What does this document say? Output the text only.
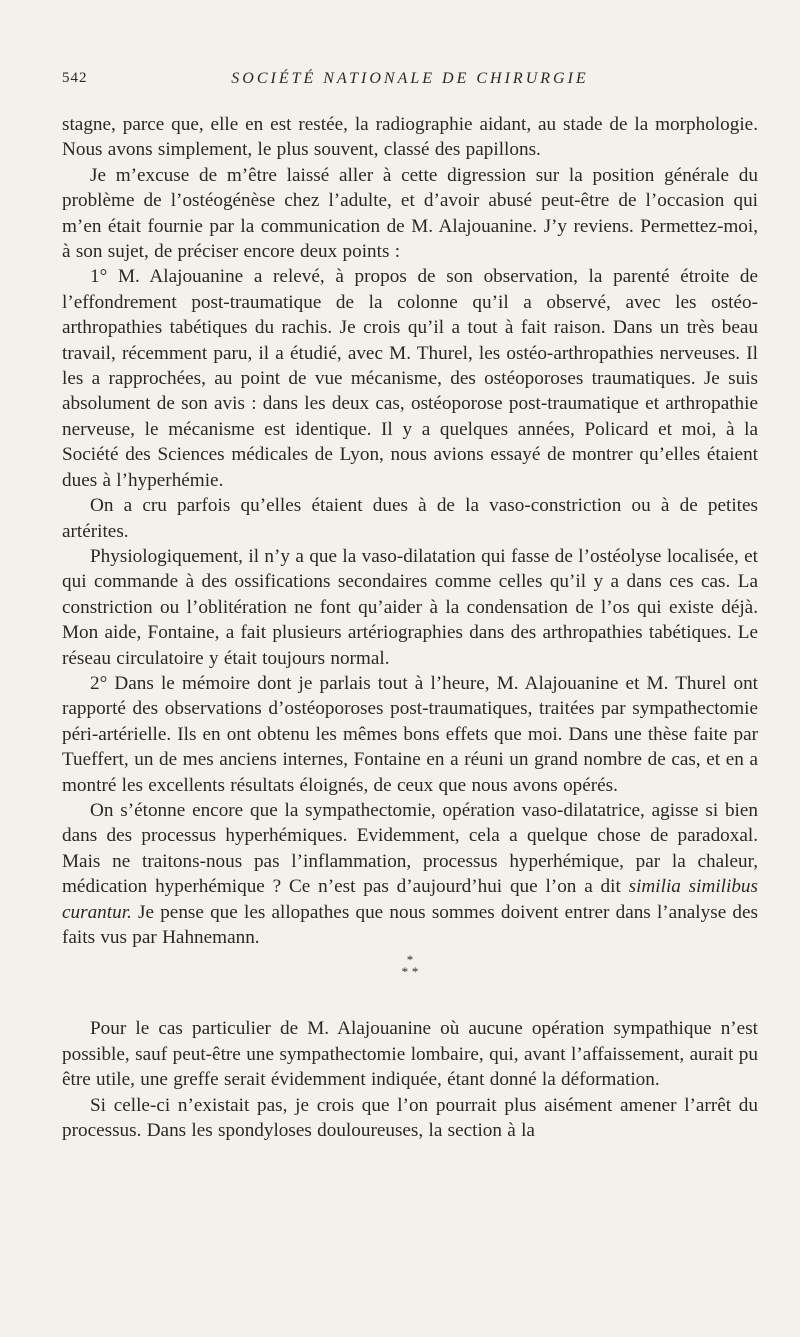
542	SOCIÉTÉ NATIONALE DE CHIRURGIE

stagne, parce que, elle en est restée, la radiographie aidant, au stade de la morphologie. Nous avons simplement, le plus souvent, classé des papillons.

Je m’excuse de m’être laissé aller à cette digression sur la position générale du problème de l’ostéogénèse chez l’adulte, et d’avoir abusé peut-être de l’occasion qui m’en était fournie par la communication de M. Alajouanine. J’y reviens. Permettez-moi, à son sujet, de préciser encore deux points :

1° M. Alajouanine a relevé, à propos de son observation, la parenté étroite de l’effondrement post-traumatique de la colonne qu’il a observé, avec les ostéo-arthropathies tabétiques du rachis. Je crois qu’il a tout à fait raison. Dans un très beau travail, récemment paru, il a étudié, avec M. Thurel, les ostéo-arthropathies nerveuses. Il les a rapprochées, au point de vue mécanisme, des ostéoporoses traumatiques. Je suis absolument de son avis : dans les deux cas, ostéoporose post-traumatique et arthropathie nerveuse, le mécanisme est identique. Il y a quelques années, Policard et moi, à la Société des Sciences médicales de Lyon, nous avions essayé de montrer qu’elles étaient dues à l’hyperhémie.

On a cru parfois qu’elles étaient dues à de la vaso-constriction ou à de petites artérites.

Physiologiquement, il n’y a que la vaso-dilatation qui fasse de l’ostéolyse localisée, et qui commande à des ossifications secondaires comme celles qu’il y a dans ces cas. La constriction ou l’oblitération ne font qu’aider à la condensation de l’os qui existe déjà. Mon aide, Fontaine, a fait plusieurs artériographies dans des arthropathies tabétiques. Le réseau circulatoire y était toujours normal.

2° Dans le mémoire dont je parlais tout à l’heure, M. Alajouanine et M. Thurel ont rapporté des observations d’ostéoporoses post-traumatiques, traitées par sympathectomie péri-artérielle. Ils en ont obtenu les mêmes bons effets que moi. Dans une thèse faite par Tueffert, un de mes anciens internes, Fontaine en a réuni un grand nombre de cas, et en a montré les excellents résultats éloignés, de ceux que nous avons opérés.

On s’étonne encore que la sympathectomie, opération vaso-dilatatrice, agisse si bien dans des processus hyperhémiques. Evidemment, cela a quelque chose de paradoxal. Mais ne traitons-nous pas l’inflammation, processus hyperhémique, par la chaleur, médication hyperhémique ? Ce n’est pas d’aujourd’hui que l’on a dit similia similibus curantur. Je pense que les allopathes que nous sommes doivent entrer dans l’analyse des faits vus par Hahnemann.

*
* *

Pour le cas particulier de M. Alajouanine où aucune opération sympathique n’est possible, sauf peut-être une sympathectomie lombaire, qui, avant l’affaissement, aurait pu être utile, une greffe serait évidemment indiquée, étant donné la déformation.

Si celle-ci n’existait pas, je crois que l’on pourrait plus aisément amener l’arrêt du processus. Dans les spondyloses douloureuses, la section à la
